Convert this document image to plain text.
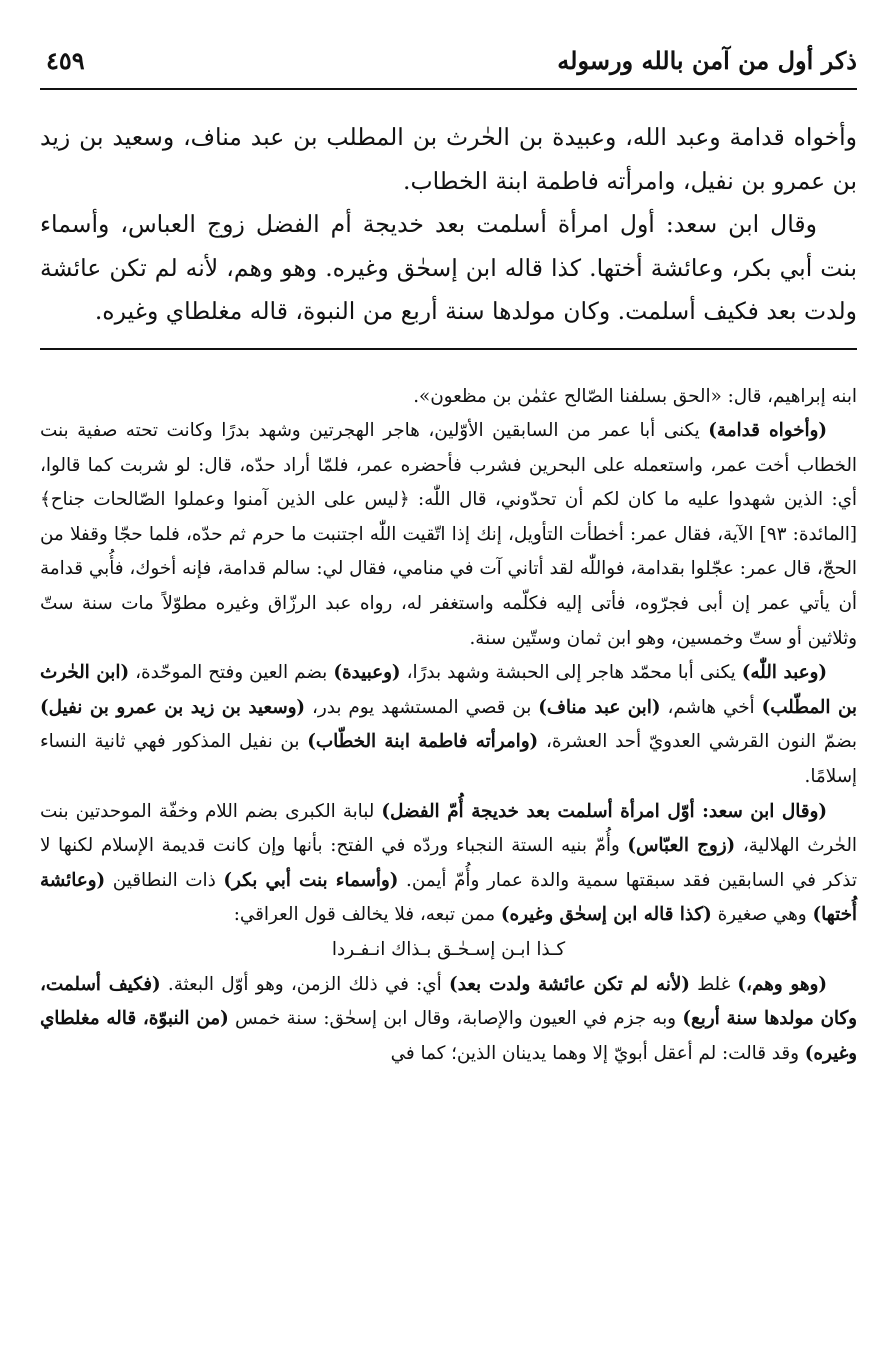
ذكر أول من آمن بالله ورسوله
٤٥٩

وأخواه قدامة وعبد الله، وعبيدة بن الحٰرث بن المطلب بن عبد مناف، وسعيد بن زيد بن عمرو بن نفيل، وامرأته فاطمة ابنة الخطاب.

وقال ابن سعد: أول امرأة أسلمت بعد خديجة أم الفضل زوج العباس، وأسماء بنت أبي بكر، وعائشة أختها. كذا قاله ابن إسحٰق وغيره. وهو وهم، لأنه لم تكن عائشة ولدت بعد فكيف أسلمت. وكان مولدها سنة أربع من النبوة، قاله مغلطاي وغيره.

ابنه إبراهيم، قال: «الحق بسلفنا الصّالح عثمٰن بن مظعون».

(وأخواه قدامة) يكنى أبا عمر من السابقين الأوّلين، هاجر الهجرتين وشهد بدرًا وكانت تحته صفية بنت الخطاب أخت عمر، واستعمله على البحرين فشرب فأحضره عمر، فلمّا أراد حدّه، قال: لو شربت كما قالوا، أي: الذين شهدوا عليه ما كان لكم أن تحدّوني، قال اللّٰه: ﴿ليس على الذين آمنوا وعملوا الصّالحات جناح﴾ [المائدة: ٩٣] الآية، فقال عمر: أخطأت التأويل، إنك إذا اتّقيت اللّٰه اجتنبت ما حرم ثم حدّه، فلما حجّا وقفلا من الحجّ، قال عمر: عجّلوا بقدامة، فواللّٰه لقد أتاني آت في منامي، فقال لي: سالم قدامة، فإنه أخوك، فأُبي قدامة أن يأتي عمر إن أبى فجرّوه، فأتى إليه فكلّمه واستغفر له، رواه عبد الرزّاق وغيره مطوّلاً مات سنة ستّ وثلاثين أو ستّ وخمسين، وهو ابن ثمان وستّين سنة.

(وعبد اللّٰه) يكنى أبا محمّد هاجر إلى الحبشة وشهد بدرًا، (وعبيدة) بضم العين وفتح الموحّدة، (ابن الحٰرث بن المطّلب) أخي هاشم، (ابن عبد مناف) بن قصي المستشهد يوم بدر، (وسعيد بن زيد بن عمرو بن نفيل) بضمّ النون القرشي العدويّ أحد العشرة، (وامرأته فاطمة ابنة الخطّاب) بن نفيل المذكور فهي ثانية النساء إسلامًا.

(وقال ابن سعد: أوّل امرأة أسلمت بعد خديجة أُمّ الفضل) لبابة الكبرى بضم اللام وخفّة الموحدتين بنت الحٰرث الهلالية، (زوج العبّاس) وأُمّ بنيه الستة النجباء وردّه في الفتح: بأنها وإن كانت قديمة الإسلام لكنها لا تذكر في السابقين فقد سبقتها سمية والدة عمار وأُمّ أيمن. (وأسماء بنت أبي بكر) ذات النطاقين (وعائشة أُختها) وهي صغيرة (كذا قاله ابن إسحٰق وغيره) ممن تبعه، فلا يخالف قول العراقي:

كـذا ابـن إسـحٰـق بـذاك انـفـردا

(وهو وهم،) غلط (لأنه لم تكن عائشة ولدت بعد) أي: في ذلك الزمن، وهو أوّل البعثة. (فكيف أسلمت، وكان مولدها سنة أربع) وبه جزم في العيون والإصابة، وقال ابن إسحٰق: سنة خمس (من النبوّة، قاله مغلطاي وغيره) وقد قالت: لم أعقل أبويّ إلا وهما يدينان الذين؛ كما في
